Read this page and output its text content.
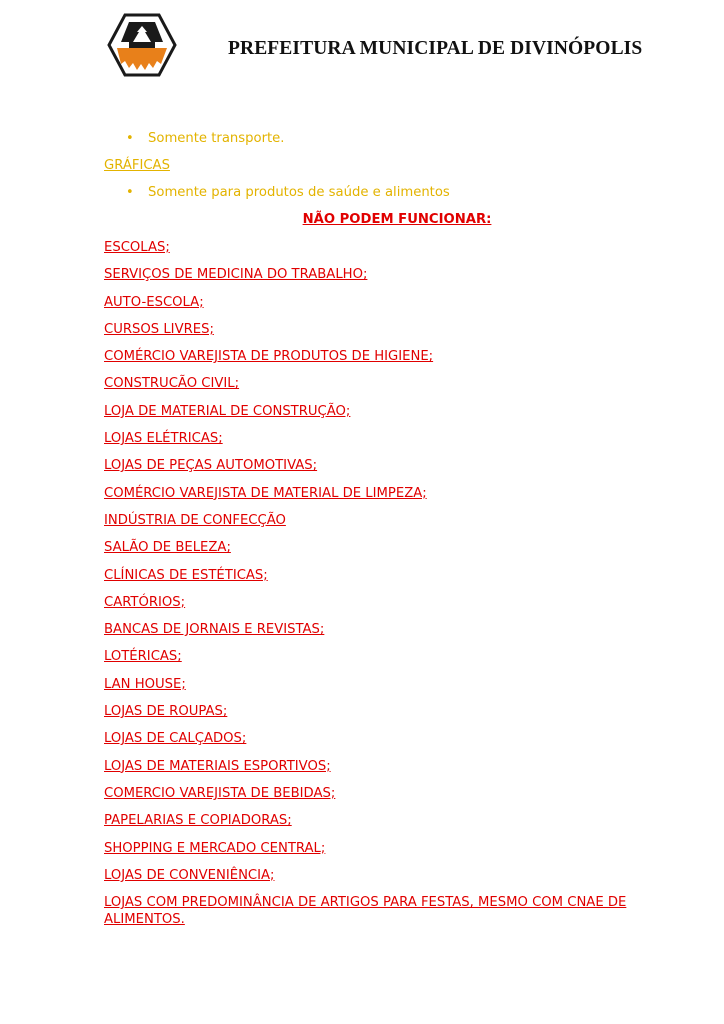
PREFEITURA MUNICIPAL DE DIVINÓPOLIS
• Somente transporte.
GRÁFICAS
• Somente para produtos de saúde e alimentos
NÃO PODEM FUNCIONAR:
ESCOLAS;
SERVIÇOS DE MEDICINA DO TRABALHO;
AUTO-ESCOLA;
CURSOS LIVRES;
COMÉRCIO VAREJISTA DE PRODUTOS DE HIGIENE;
CONSTRUCÃO CIVIL;
LOJA DE MATERIAL DE CONSTRUÇÃO;
LOJAS ELÉTRICAS;
LOJAS DE PEÇAS AUTOMOTIVAS;
COMÉRCIO VAREJISTA DE MATERIAL DE LIMPEZA;
INDÚSTRIA DE CONFECÇÃO
SALÃO DE BELEZA;
CLÍNICAS DE ESTÉTICAS;
CARTÓRIOS;
BANCAS DE JORNAIS E REVISTAS;
LOTÉRICAS;
LAN HOUSE;
LOJAS DE ROUPAS;
LOJAS DE CALÇADOS;
LOJAS DE MATERIAIS ESPORTIVOS;
COMERCIO VAREJISTA DE BEBIDAS;
PAPELARIAS E COPIADORAS;
SHOPPING E MERCADO CENTRAL;
LOJAS DE CONVENIÊNCIA;
LOJAS COM PREDOMINÂNCIA DE ARTIGOS PARA FESTAS, MESMO COM CNAE DE ALIMENTOS.
